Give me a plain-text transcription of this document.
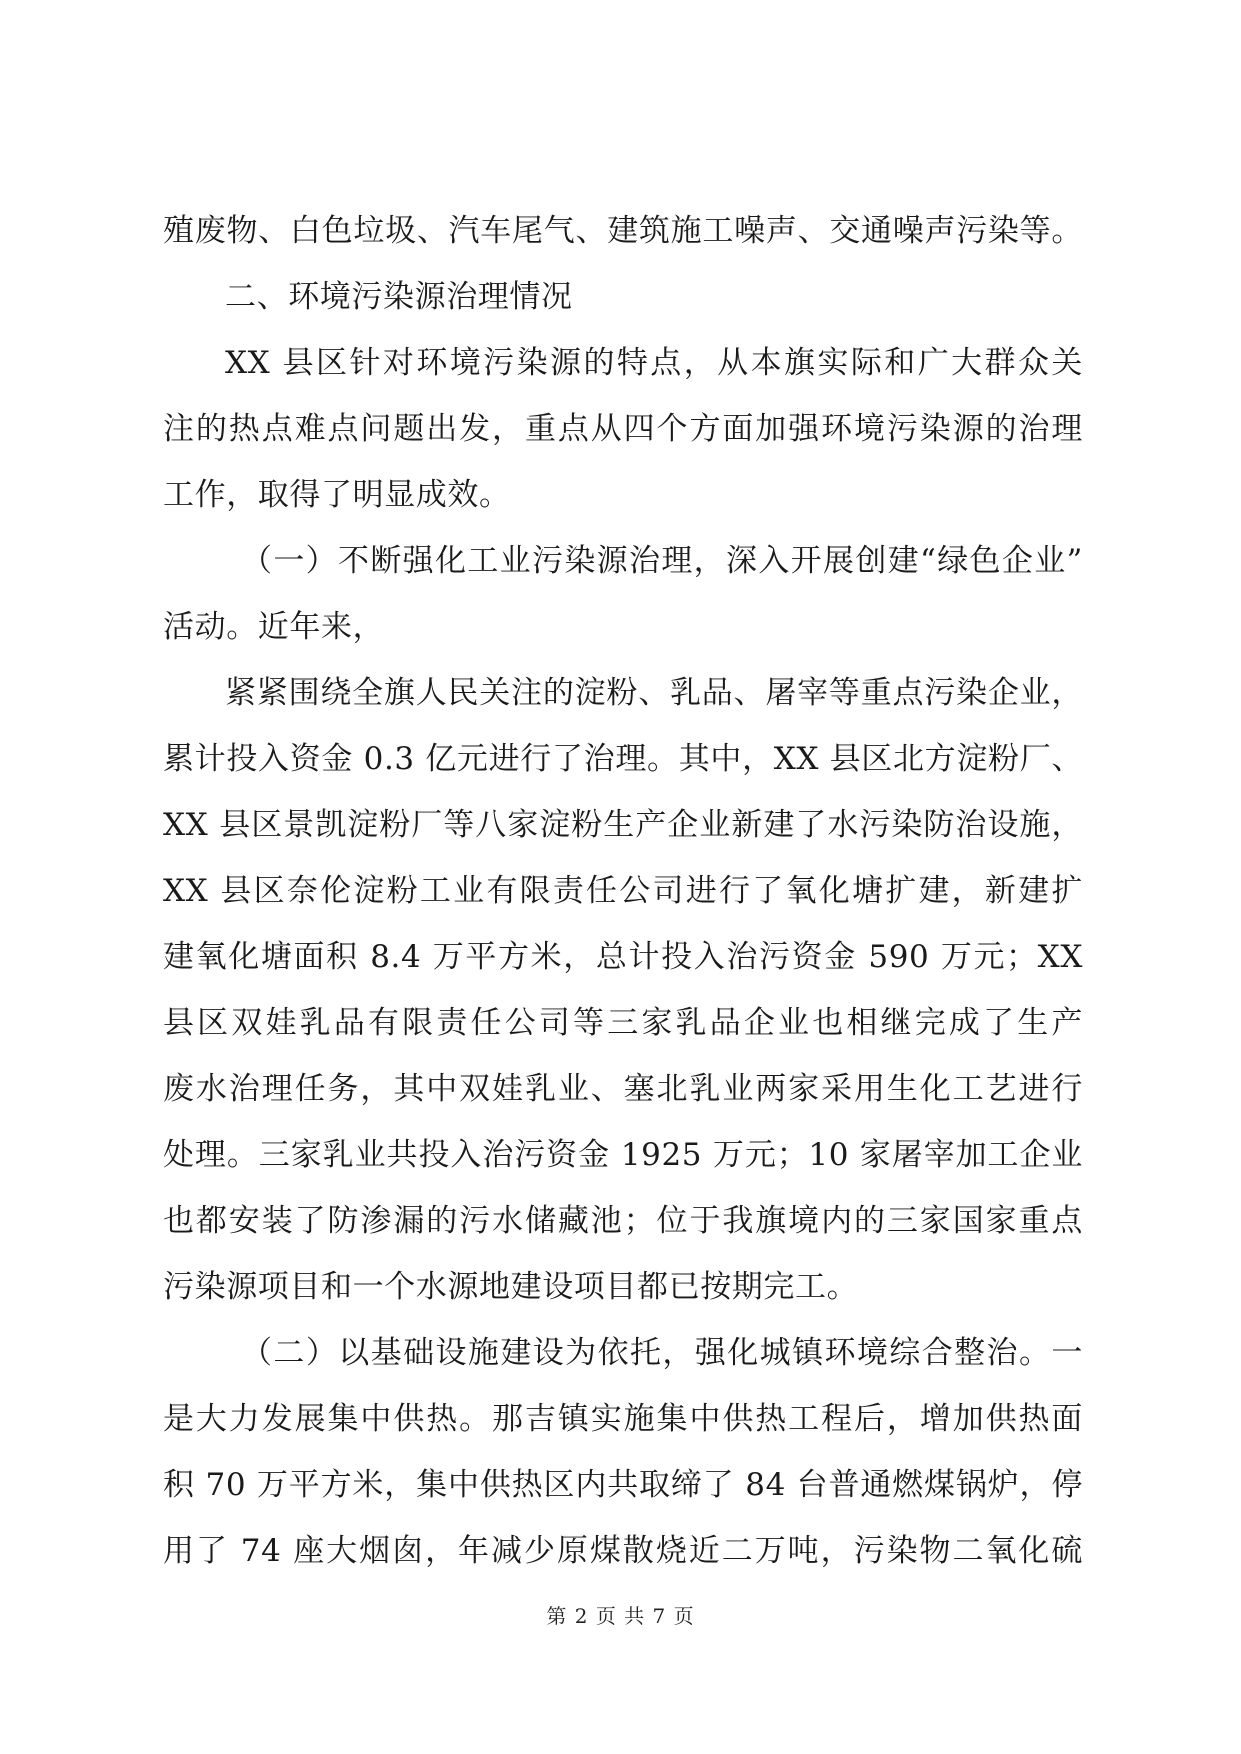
殖废物、白色垃圾、汽车尾气、建筑施工噪声、交通噪声污染等。
二、环境污染源治理情况
XX 县区针对环境污染源的特点，从本旗实际和广大群众关
注的热点难点问题出发，重点从四个方面加强环境污染源的治理
工作，取得了明显成效。
（一）不断强化工业污染源治理，深入开展创建“绿色企业”
活动。近年来，
紧紧围绕全旗人民关注的淀粉、乳品、屠宰等重点污染企业，
累计投入资金 0.3 亿元进行了治理。其中，XX 县区北方淀粉厂、
XX 县区景凯淀粉厂等八家淀粉生产企业新建了水污染防治设施，
XX 县区奈伦淀粉工业有限责任公司进行了氧化塘扩建，新建扩
建氧化塘面积 8.4 万平方米，总计投入治污资金 590 万元；XX
县区双娃乳品有限责任公司等三家乳品企业也相继完成了生产
废水治理任务，其中双娃乳业、塞北乳业两家采用生化工艺进行
处理。三家乳业共投入治污资金 1925 万元；10 家屠宰加工企业
也都安装了防渗漏的污水储藏池；位于我旗境内的三家国家重点
污染源项目和一个水源地建设项目都已按期完工。
（二）以基础设施建设为依托，强化城镇环境综合整治。一
是大力发展集中供热。那吉镇实施集中供热工程后，增加供热面
积 70 万平方米，集中供热区内共取缔了 84 台普通燃煤锅炉，停
用了 74 座大烟囱，年减少原煤散烧近二万吨，污染物二氧化硫
第 2 页 共 7 页
